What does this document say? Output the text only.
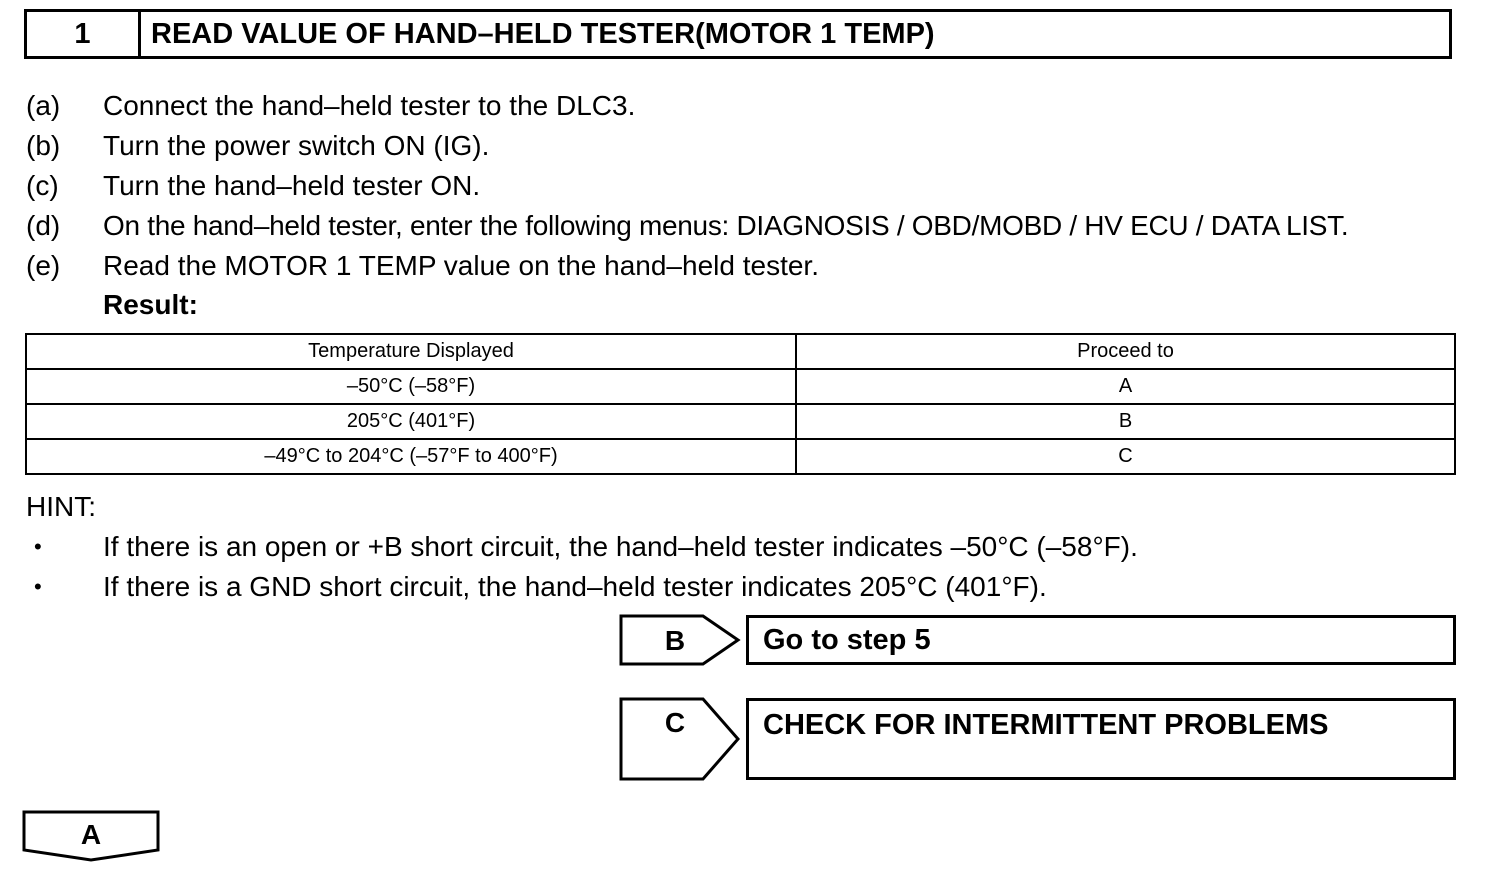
1	READ VALUE OF HAND–HELD TESTER(MOTOR 1 TEMP)
(a) Connect the hand–held tester to the DLC3.
(b) Turn the power switch ON (IG).
(c) Turn the hand–held tester ON.
(d) On the hand–held tester, enter the following menus: DIAGNOSIS / OBD/MOBD / HV ECU / DATA LIST.
(e) Read the MOTOR 1 TEMP value on the hand–held tester.
Result:
Temperature Displayed	Proceed to
–50°C (–58°F)	A
205°C (401°F)	B
–49°C to 204°C (–57°F to 400°F)	C
HINT:
• If there is an open or +B short circuit, the hand–held tester indicates –50°C (–58°F).
• If there is a GND short circuit, the hand–held tester indicates 205°C (401°F).
B	Go to step 5
C	CHECK FOR INTERMITTENT PROBLEMS
A
